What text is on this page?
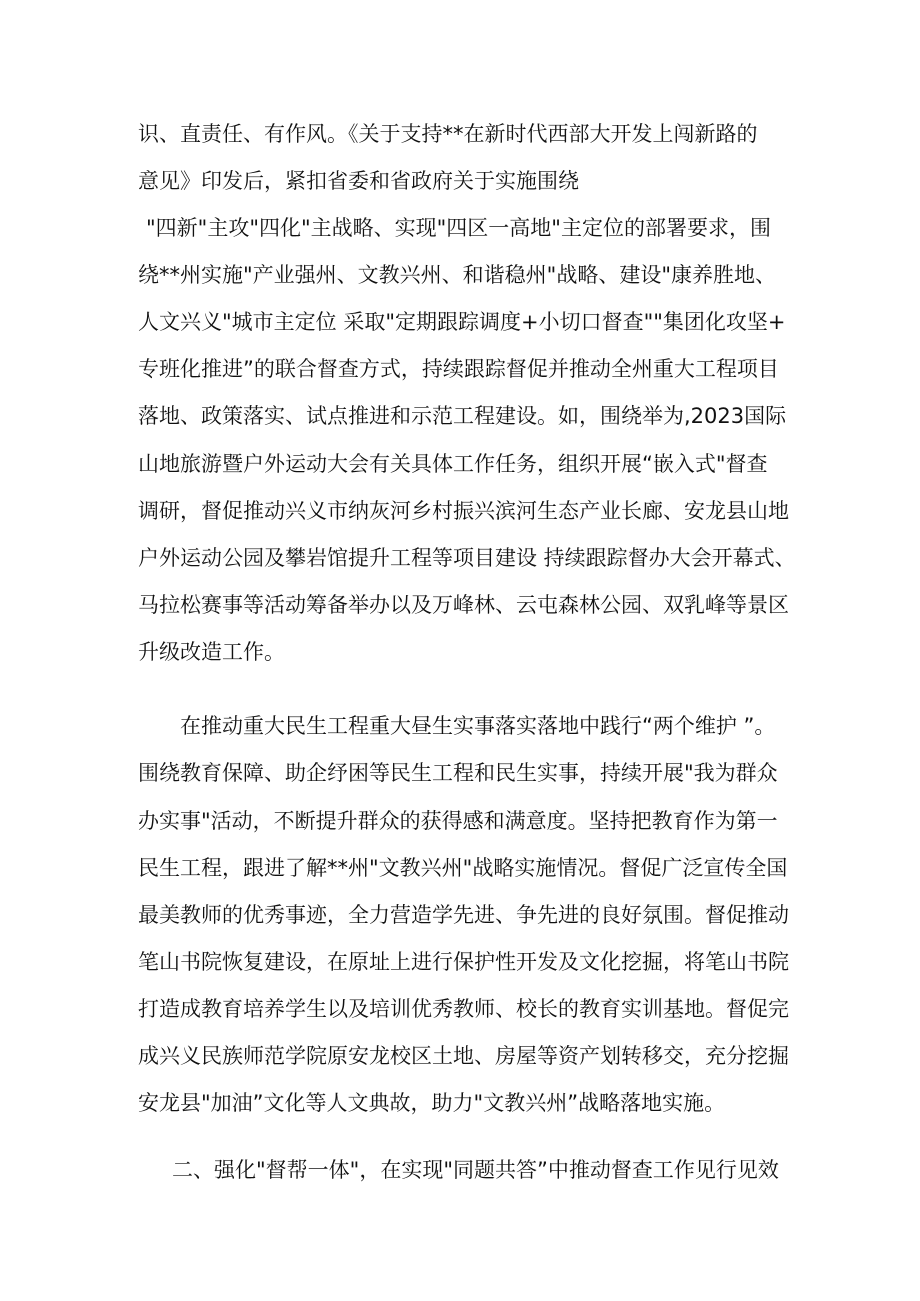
识、直责任、有作风。《关于支持**在新时代西部大开发上闯新路的
意见》印发后，紧扣省委和省政府关于实施围绕
"四新"主攻"四化"主战略、实现"四区一高地"主定位的部署要求，围
绕**州实施"产业强州、文教兴州、和谐稳州"战略、建设"康养胜地、
人文兴义"城市主定位 采取"定期跟踪调度+小切口督查""集团化攻坚+
专班化推进”的联合督查方式，持续跟踪督促并推动全州重大工程项目
落地、政策落实、试点推进和示范工程建设。如，围绕举为,2023国际
山地旅游暨户外运动大会有关具体工作任务，组织开展“嵌入式"督查
调研，督促推动兴义市纳灰河乡村振兴滨河生态产业长廊、安龙县山地
户外运动公园及攀岩馆提升工程等项目建设 持续跟踪督办大会开幕式、
马拉松赛事等活动筹备举办以及万峰林、云屯森林公园、双乳峰等景区
升级改造工作。
在推动重大民生工程重大昼生实事落实落地中践行“两个维护 ”。
围绕教育保障、助企纾困等民生工程和民生实事，持续开展"我为群众
办实事"活动，不断提升群众的获得感和满意度。坚持把教育作为第一
民生工程，跟进了解**州"文教兴州"战略实施情况。督促广泛宣传全国
最美教师的优秀事迹，全力营造学先进、争先进的良好氛围。督促推动
笔山书院恢复建设，在原址上进行保护性开发及文化挖掘，将笔山书院
打造成教育培养学生以及培训优秀教师、校长的教育实训基地。督促完
成兴义民族师范学院原安龙校区土地、房屋等资产划转移交，充分挖掘
安龙县"加油”文化等人文典故，助力"文教兴州”战略落地实施。
二、强化"督帮一体"，在实现"同题共答”中推动督查工作见行见效
